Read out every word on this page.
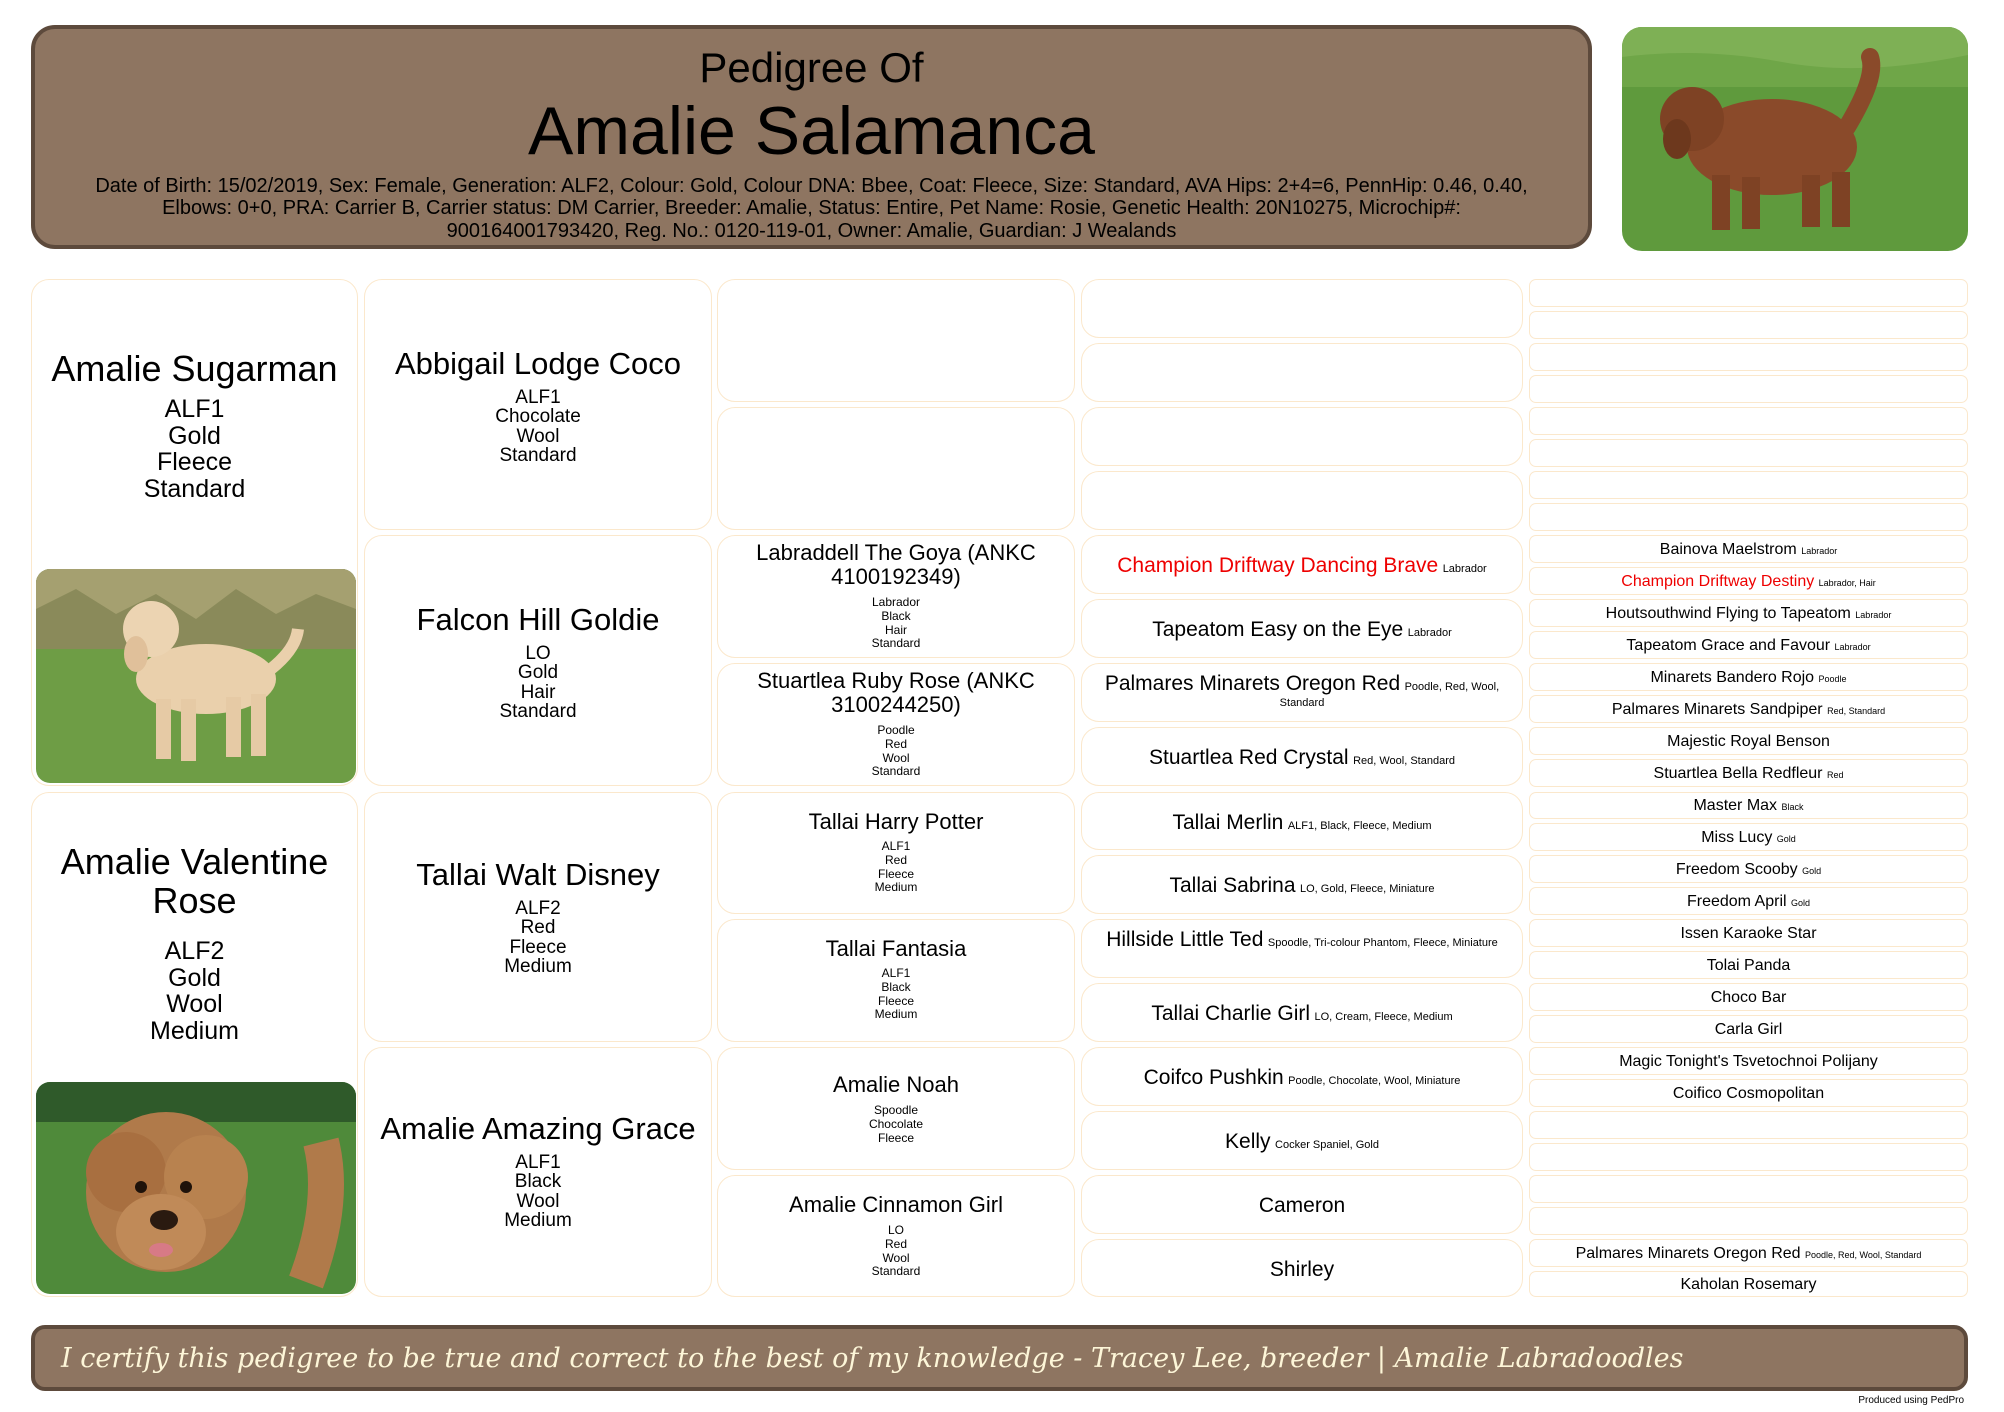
Pedigree Of
Amalie Salamanca
Date of Birth: 15/02/2019, Sex: Female, Generation: ALF2, Colour: Gold, Colour DNA: Bbee, Coat: Fleece, Size: Standard, AVA Hips: 2+4=6, PennHip: 0.46, 0.40, Elbows: 0+0, PRA: Carrier B, Carrier status: DM Carrier, Breeder: Amalie, Status: Entire, Pet Name: Rosie, Genetic Health: 20N10275, Microchip#: 900164001793420, Reg. No.: 0120-119-01, Owner: Amalie, Guardian: J Wealands
Amalie Sugarman
ALF1
Gold
Fleece
Standard
Amalie Valentine Rose
ALF2
Gold
Wool
Medium
Abbigail Lodge Coco
ALF1
Chocolate
Wool
Standard
Falcon Hill Goldie
LO
Gold
Hair
Standard
Tallai Walt Disney
ALF2
Red
Fleece
Medium
Amalie Amazing Grace
ALF1
Black
Wool
Medium
Labraddell The Goya (ANKC 4100192349)
Labrador
Black
Hair
Standard
Stuartlea Ruby Rose (ANKC 3100244250)
Poodle
Red
Wool
Standard
Tallai Harry Potter
ALF1
Red
Fleece
Medium
Tallai Fantasia
ALF1
Black
Fleece
Medium
Amalie Noah
Spoodle
Chocolate
Fleece
Amalie Cinnamon Girl
LO
Red
Wool
Standard
Champion Driftway Dancing Brave Labrador
Tapeatom Easy on the Eye Labrador
Palmares Minarets Oregon Red Poodle, Red, Wool, Standard
Stuartlea Red Crystal Red, Wool, Standard
Tallai Merlin ALF1, Black, Fleece, Medium
Tallai Sabrina LO, Gold, Fleece, Miniature
Hillside Little Ted Spoodle, Tri-colour Phantom, Fleece, Miniature
Tallai Charlie Girl LO, Cream, Fleece, Medium
Coifco Pushkin Poodle, Chocolate, Wool, Miniature
Kelly Cocker Spaniel, Gold
Cameron
Shirley
Bainova Maelstrom Labrador
Champion Driftway Destiny Labrador, Hair
Houtsouthwind Flying to Tapeatom Labrador
Tapeatom Grace and Favour Labrador
Minarets Bandero Rojo Poodle
Palmares Minarets Sandpiper Red, Standard
Majestic Royal Benson
Stuartlea Bella Redfleur Red
Master Max Black
Miss Lucy Gold
Freedom Scooby Gold
Freedom April Gold
Issen Karaoke Star
Tolai Panda
Choco Bar
Carla Girl
Magic Tonight's Tsvetochnoi Polijany
Coifico Cosmopolitan
Palmares Minarets Oregon Red Poodle, Red, Wool, Standard
Kaholan Rosemary
I certify this pedigree to be true and correct to the best of my knowledge - Tracey Lee, breeder | Amalie Labradoodles
Produced using PedPro
